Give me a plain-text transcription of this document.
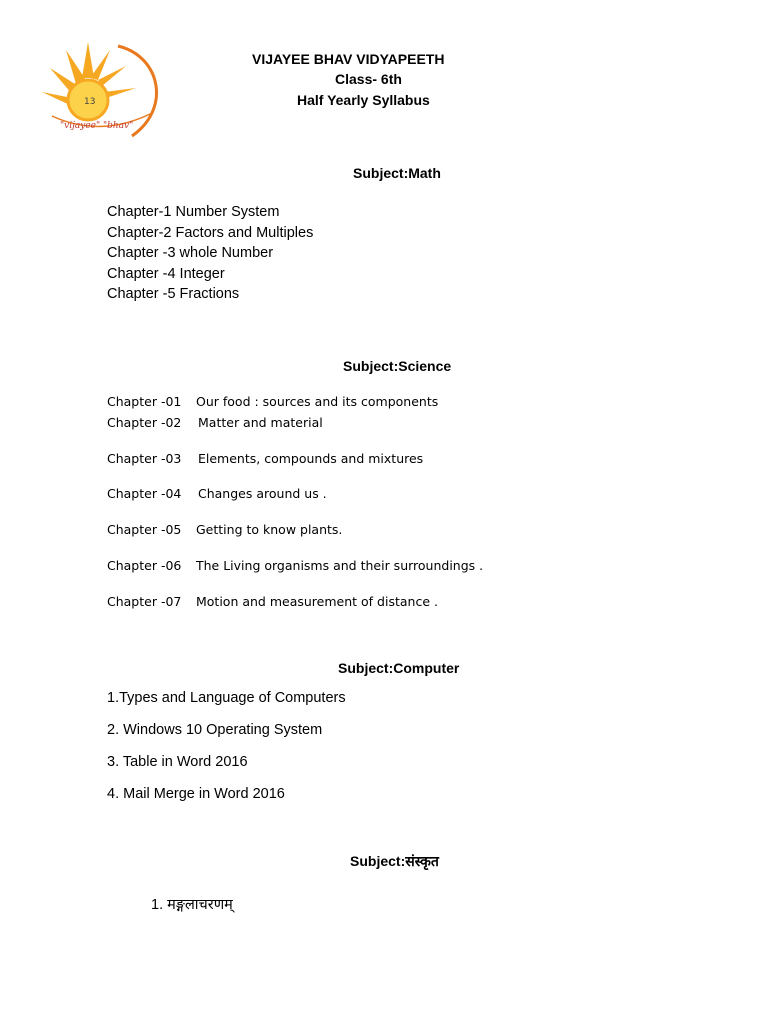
13
"vijayee" "bhav"
VIJAYEE BHAV VIDYAPEETH
Class- 6th
Half Yearly Syllabus
Subject:Math
Chapter-1 Number System
Chapter-2 Factors and Multiples
Chapter -3 whole Number
Chapter -4 Integer
Chapter -5 Fractions
Subject:Science
Chapter -01 Our food : sources and its components
Chapter -02 Matter and material
Chapter -03 Elements, compounds and mixtures
Chapter -04 Changes around us .
Chapter -05 Getting to know plants.
Chapter -06 The Living organisms and their surroundings .
Chapter -07 Motion and measurement of distance .
Subject:Computer
1.Types and Language of Computers
2. Windows 10 Operating System
3. Table in Word 2016
4. Mail Merge in Word 2016
Subject:संस्कृत
1. मङ्गलाचरणम्
